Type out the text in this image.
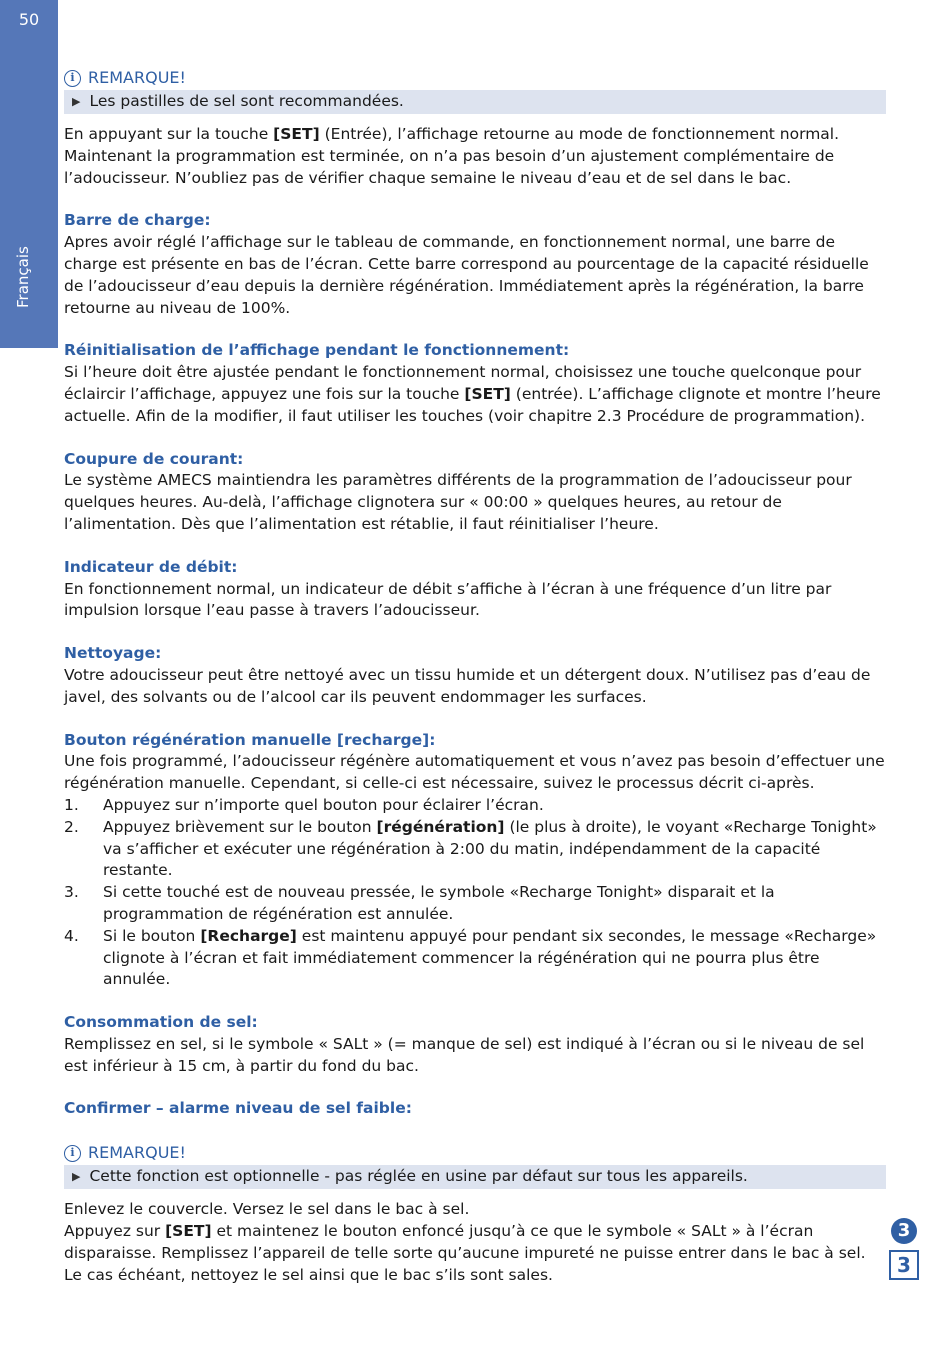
50
Français
i REMARQUE!
▶ Les pastilles de sel sont recommandées.

En appuyant sur la touche [SET] (Entrée), l’affichage retourne au mode de fonctionnement normal. Maintenant la programmation est terminée, on n’a pas besoin d’un ajustement complémentaire de l’adoucisseur. N’oubliez pas de vérifier chaque semaine le niveau d’eau et de sel dans le bac.

Barre de charge:
Apres avoir réglé l’affichage sur le tableau de commande, en fonctionnement normal, une barre de charge est présente en bas de l’écran. Cette barre correspond au pourcentage de la capacité résiduelle de l’adoucisseur d’eau depuis la dernière régénération. Immédiatement après la régénération, la barre retourne au niveau de 100%.

Réinitialisation de l’affichage pendant le fonctionnement:
Si l’heure doit être ajustée pendant le fonctionnement normal, choisissez une touche quelconque pour éclaircir l’affichage, appuyez une fois sur la touche [SET] (entrée). L’affichage clignote et montre l’heure actuelle. Afin de la modifier, il faut utiliser les touches (voir chapitre 2.3 Procédure de programmation).

Coupure de courant:
Le système AMECS maintiendra les paramètres différents de la programmation de l’adoucisseur pour quelques heures. Au-delà, l’affichage clignotera sur « 00:00 » quelques heures, au retour de l’alimentation. Dès que l’alimentation est rétablie, il faut réinitialiser l’heure.

Indicateur de débit:
En fonctionnement normal, un indicateur de débit s’affiche à l’écran à une fréquence d’un litre par impulsion lorsque l’eau passe à travers l’adoucisseur.

Nettoyage:
Votre adoucisseur peut être nettoyé avec un tissu humide et un détergent doux. N’utilisez pas d’eau de javel, des solvants ou de l’alcool car ils peuvent endommager les surfaces.

Bouton régénération manuelle [recharge]:
Une fois programmé, l’adoucisseur régénère automatiquement et vous n’avez pas besoin d’effectuer une régénération manuelle. Cependant, si celle-ci est nécessaire, suivez le processus décrit ci-après.
1.	Appuyez sur n’importe quel bouton pour éclairer l’écran.
2.	Appuyez brièvement sur le bouton [régénération] (le plus à droite), le voyant «Recharge Tonight» va s’afficher et exécuter une régénération à 2:00 du matin, indépendamment de la capacité restante.
3.	Si cette touché est de nouveau pressée, le symbole «Recharge Tonight» disparait et la programmation de régénération est annulée.
4.	Si le bouton [Recharge] est maintenu appuyé pour pendant six secondes, le message «Recharge» clignote à l’écran et fait immédiatement commencer la régénération qui ne pourra plus être annulée.

Consommation de sel:
Remplissez en sel, si le symbole « SALt » (= manque de sel) est indiqué à l’écran ou si le niveau de sel est inférieur à 15 cm, à partir du fond du bac.

Confirmer – alarme niveau de sel faible:

i REMARQUE!
▶ Cette fonction est optionnelle - pas réglée en usine par défaut sur tous les appareils.

Enlevez le couvercle. Versez le sel dans le bac à sel.
Appuyez sur [SET] et maintenez le bouton enfoncé jusqu’à ce que le symbole « SALt » à l’écran disparaisse. Remplissez l’appareil de telle sorte qu’aucune impureté ne puisse entrer dans le bac à sel. Le cas échéant, nettoyez le sel ainsi que le bac s’ils sont sales.

3
3
